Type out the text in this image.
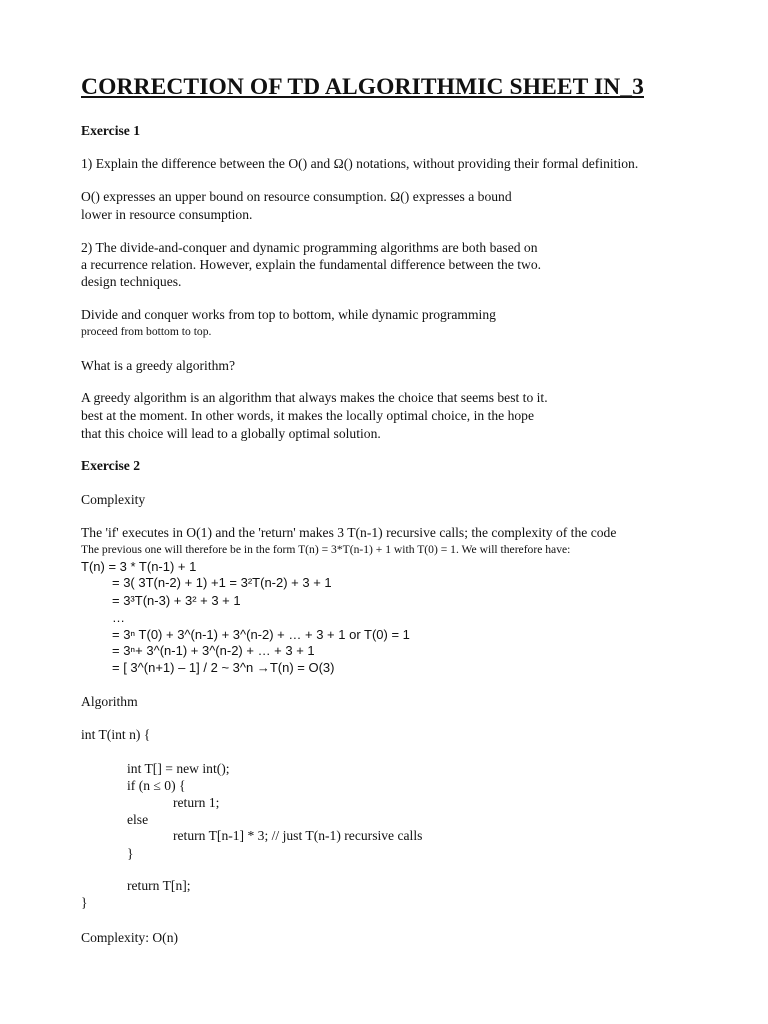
CORRECTION OF TD ALGORITHMIC SHEET IN_3
Exercise 1
1) Explain the difference between the O() and Ω() notations, without providing their formal definition.
O() expresses an upper bound on resource consumption. Ω() expresses a bound
lower in resource consumption.
2) The divide-and-conquer and dynamic programming algorithms are both based on
a recurrence relation. However, explain the fundamental difference between the two.
design techniques.
Divide and conquer works from top to bottom, while dynamic programming
proceed from bottom to top.
What is a greedy algorithm?
A greedy algorithm is an algorithm that always makes the choice that seems best to it.
best at the moment. In other words, it makes the locally optimal choice, in the hope
that this choice will lead to a globally optimal solution.
Exercise 2
Complexity
The 'if' executes in O(1) and the 'return' makes 3 T(n-1) recursive calls; the complexity of the code
The previous one will therefore be in the form T(n) = 3*T(n-1) + 1 with T(0) = 1. We will therefore have:
T(n) = 3 * T(n-1) + 1
= 3( 3T(n-2) + 1) +1 = 3²T(n-2) + 3 + 1
= 3³T(n-3) + 3² + 3 + 1
…
= 3ⁿ T(0) + 3^(n-1) + 3^(n-2) + … + 3 + 1 or T(0) = 1
= 3ⁿ+ 3^(n-1) + 3^(n-2) + … + 3 + 1
= [ 3^(n+1) – 1] / 2 ~ 3^n →T(n) = O(3)
Algorithm
int T(int n) {
int T[] = new int();
if (n ≤ 0) {
return 1;
else
return T[n-1] * 3; // just T(n-1) recursive calls
}
return T[n];
}
Complexity: O(n)
